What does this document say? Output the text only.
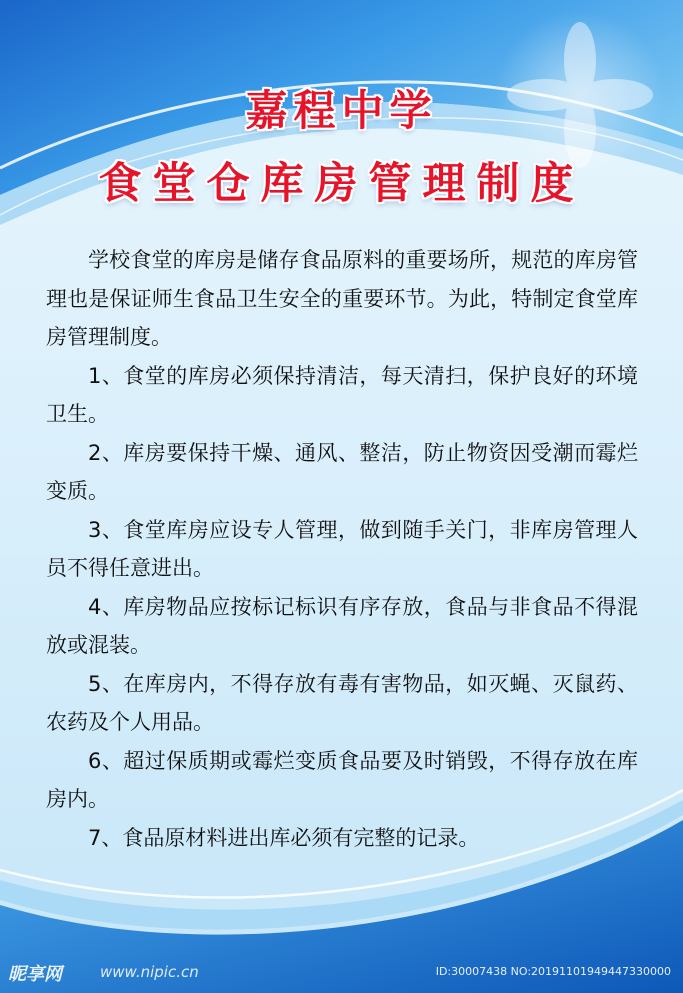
嘉程中学
食堂仓库房管理制度

学校食堂的库房是储存食品原料的重要场所，规范的库房管理也是保证师生食品卫生安全的重要环节。为此，特制定食堂库房管理制度。

1、食堂的库房必须保持清洁，每天清扫，保护良好的环境卫生。

2、库房要保持干燥、通风、整洁，防止物资因受潮而霉烂变质。

3、食堂库房应设专人管理，做到随手关门，非库房管理人员不得任意进出。

4、库房物品应按标记标识有序存放，食品与非食品不得混放或混装。

5、在库房内，不得存放有毒有害物品，如灭蝇、灭鼠药、农药及个人用品。

6、超过保质期或霉烂变质食品要及时销毁，不得存放在库房内。

7、食品原材料进出库必须有完整的记录。

昵享网	www.nipic.cn	ID:30007438 NO:20191101949447330000
